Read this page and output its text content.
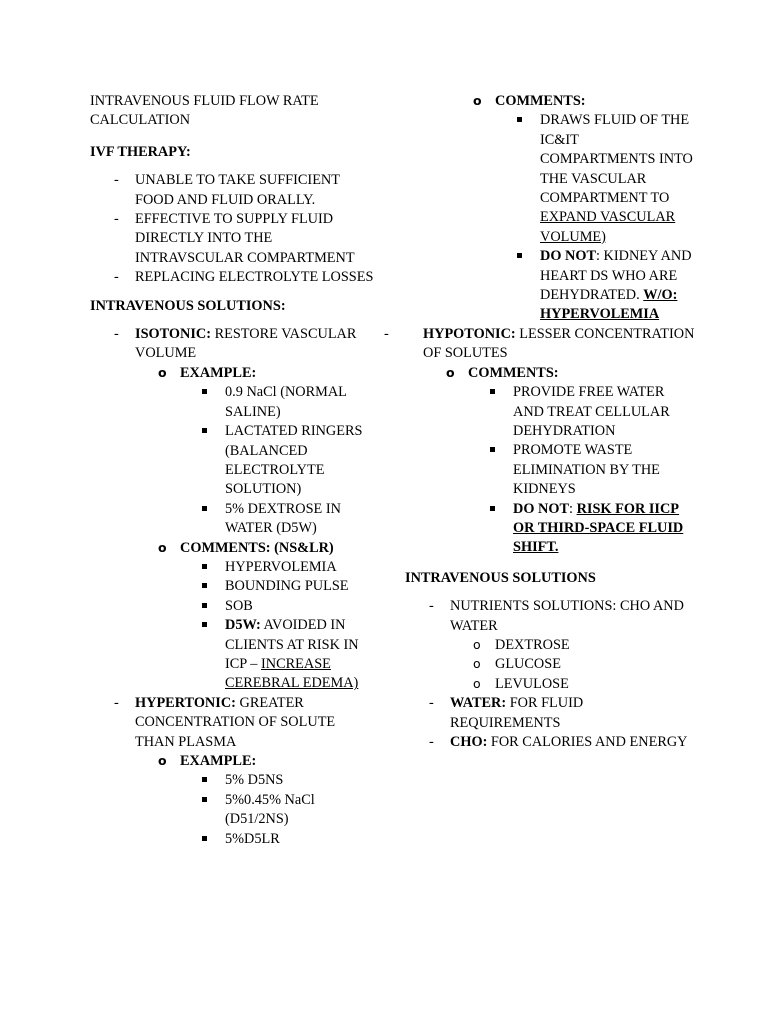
INTRAVENOUS FLUID FLOW RATE CALCULATION

IVF THERAPY:
- UNABLE TO TAKE SUFFICIENT FOOD AND FLUID ORALLY.
- EFFECTIVE TO SUPPLY FLUID DIRECTLY INTO THE INTRAVSCULAR COMPARTMENT
- REPLACING ELECTROLYTE LOSSES
INTRAVENOUS SOLUTIONS:
- ISOTONIC: RESTORE VASCULAR VOLUME
o EXAMPLE:
0.9 NaCl (NORMAL SALINE)
LACTATED RINGERS (BALANCED ELECTROLYTE SOLUTION)
5% DEXTROSE IN WATER (D5W)
o COMMENTS: (NS&LR)
HYPERVOLEMIA
BOUNDING PULSE
SOB
D5W: AVOIDED IN CLIENTS AT RISK IN ICP – INCREASE CEREBRAL EDEMA)
- HYPERTONIC: GREATER CONCENTRATION OF SOLUTE THAN PLASMA
o EXAMPLE:
5% D5NS
5%0.45% NaCl (D51/2NS)
5%D5LR
o COMMENTS:
DRAWS FLUID OF THE IC&IT COMPARTMENTS INTO THE VASCULAR COMPARTMENT TO EXPAND VASCULAR VOLUME)
DO NOT: KIDNEY AND HEART DS WHO ARE DEHYDRATED. W/O: HYPERVOLEMIA
- HYPOTONIC: LESSER CONCENTRATION OF SOLUTES
o COMMENTS:
PROVIDE FREE WATER AND TREAT CELLULAR DEHYDRATION
PROMOTE WASTE ELIMINATION BY THE KIDNEYS
DO NOT: RISK FOR IICP OR THIRD-SPACE FLUID SHIFT.
INTRAVENOUS SOLUTIONS
- NUTRIENTS SOLUTIONS: CHO AND WATER
o DEXTROSE
o GLUCOSE
o LEVULOSE
- WATER: FOR FLUID REQUIREMENTS
- CHO: FOR CALORIES AND ENERGY
